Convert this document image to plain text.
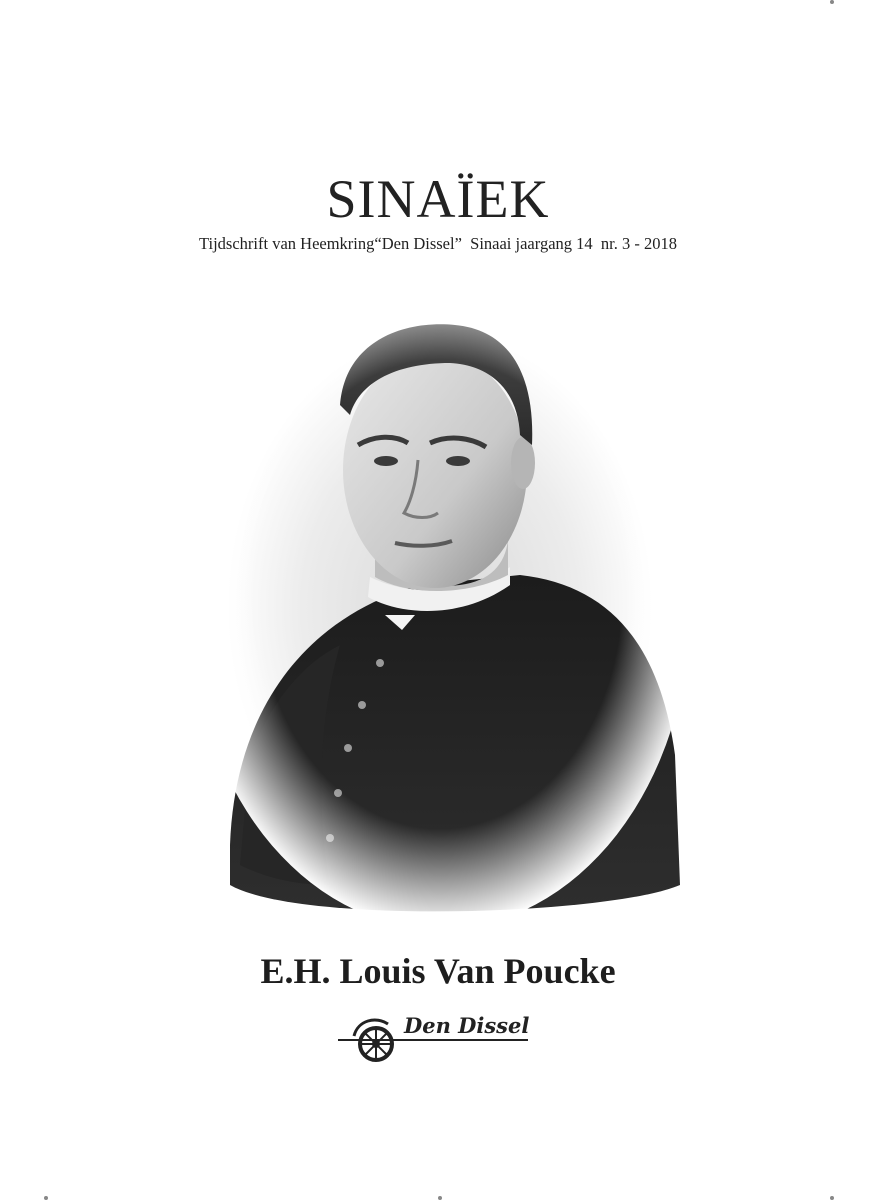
SINAÏEK
Tijdschrift van Heemkring“Den Dissel”  Sinaai jaargang 14  nr. 3 - 2018
E.H. Louis Van Poucke
Den Dissel
